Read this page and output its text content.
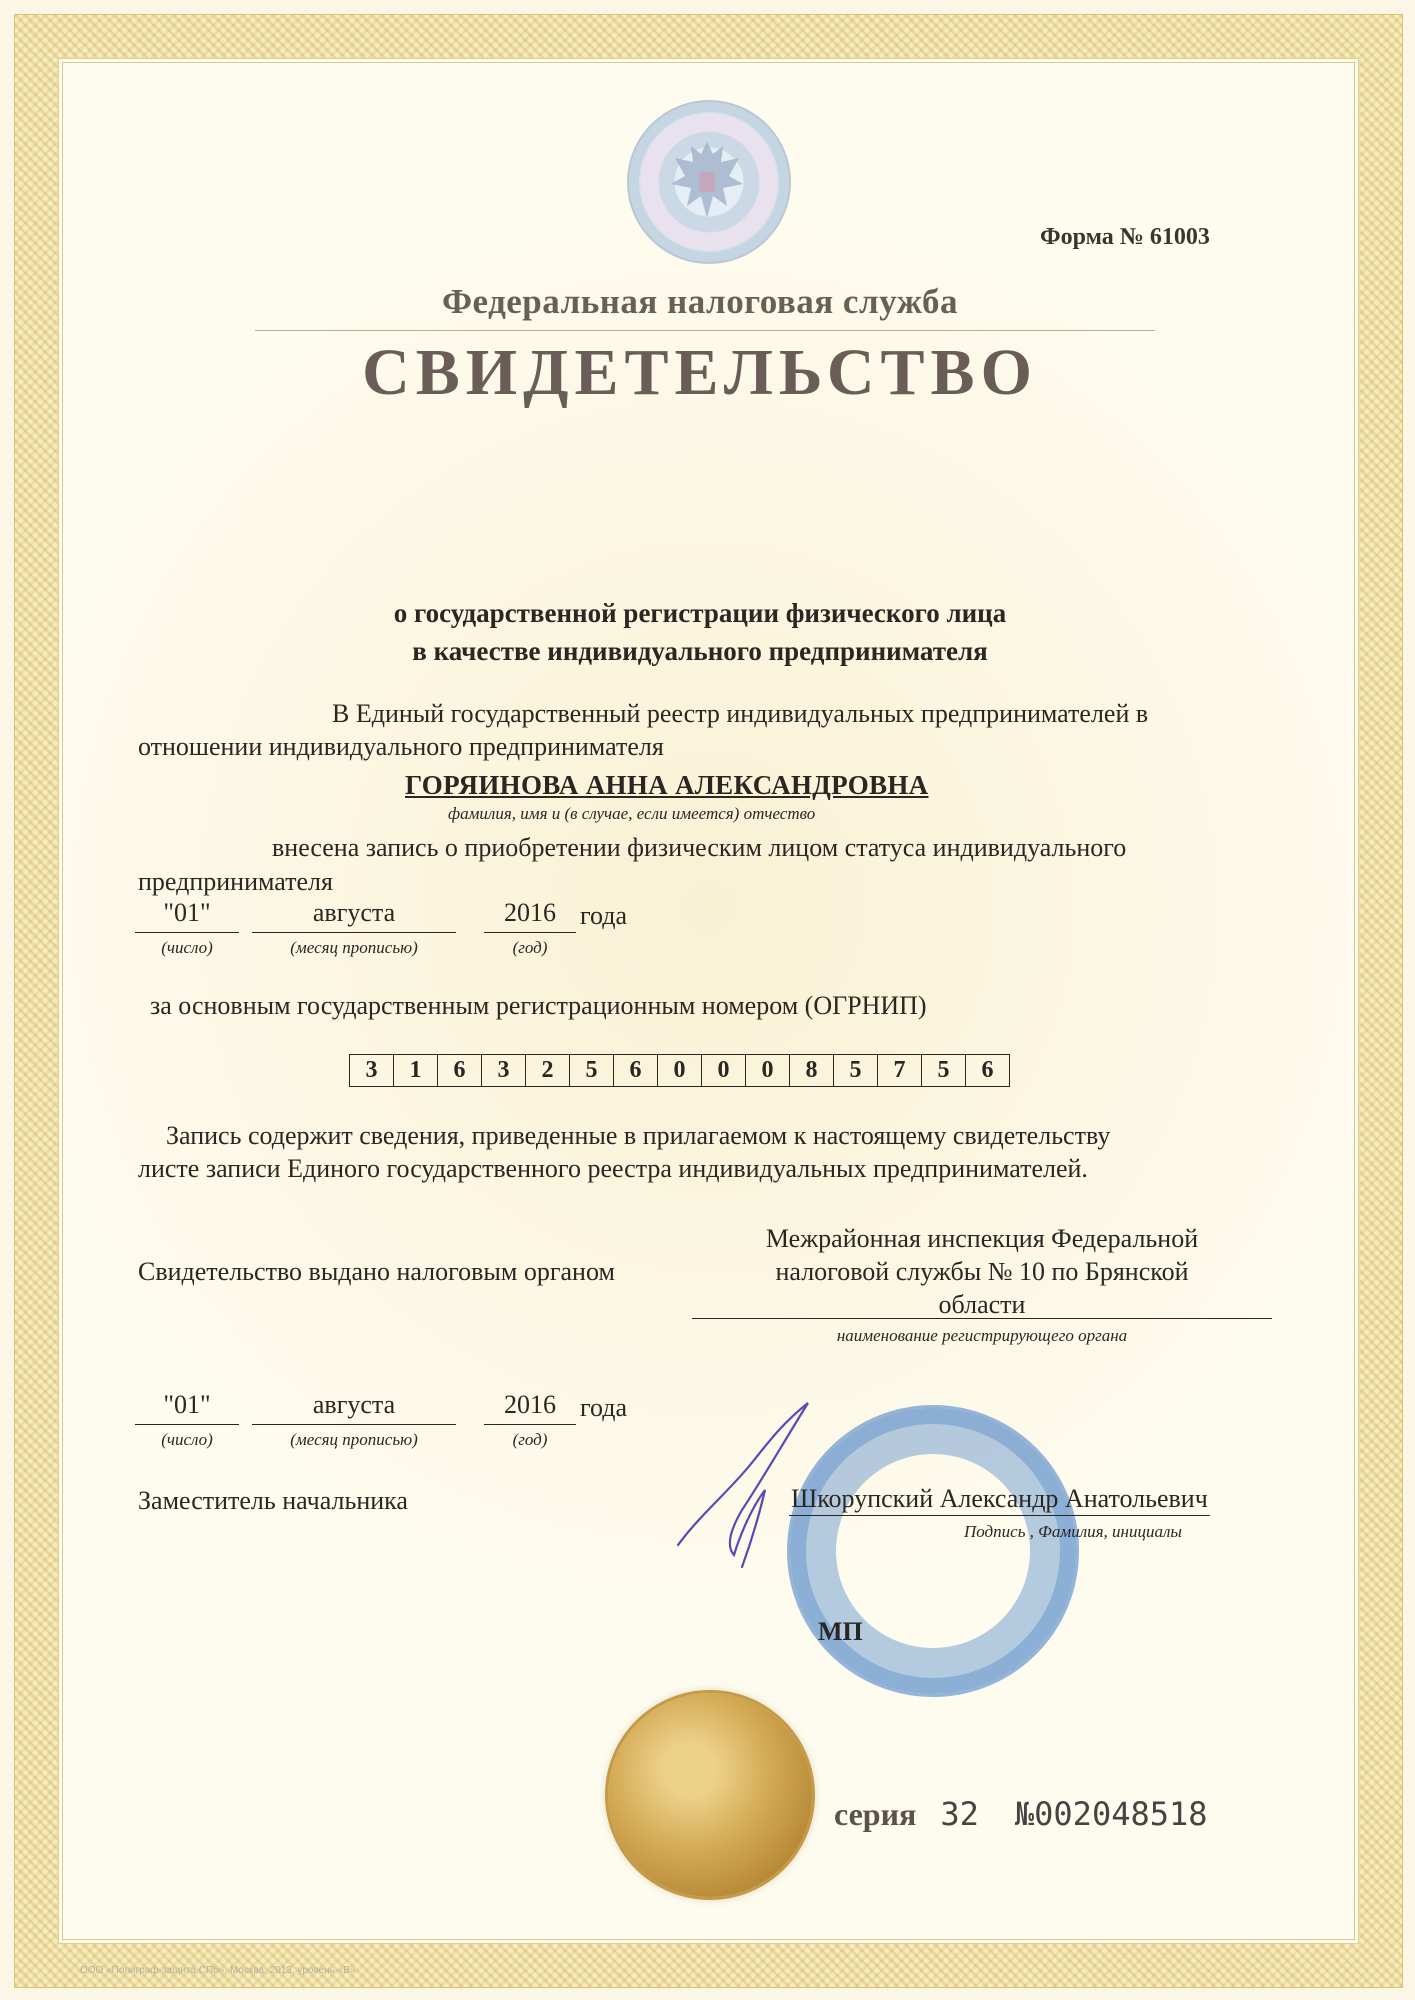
Форма № 61003
Федеральная налоговая служба
СВИДЕТЕЛЬСТВО
о государственной регистрации физического лица
в качестве индивидуального предпринимателя
В Единый государственный реестр индивидуальных предпринимателей в
отношении индивидуального предпринимателя
ГОРЯИНОВА АННА АЛЕКСАНДРОВНА
фамилия, имя и (в случае, если имеется) отчество
внесена запись о приобретении физическим лицом статуса индивидуального
предпринимателя
"01"	августа	2016 года
(число)	(месяц прописью)	(год)
за основным государственным регистрационным номером (ОГРНИП)
3	1	6	3	2	5	6	0	0	0	8	5	7	5	6
Запись содержит сведения, приведенные в прилагаемом к настоящему свидетельству
листе записи Единого государственного реестра индивидуальных предпринимателей.
Свидетельство выдано налоговым органом
Межрайонная инспекция Федеральной
налоговой службы № 10 по Брянской
области
наименование регистрирующего органа
"01"	августа	2016 года
(число)	(месяц прописью)	(год)
Заместитель начальника	Шкорупский Александр Анатольевич
Подпись , Фамилия, инициалы
МП
серия 32 №002048518
ООО «Полиграф-защита СПб», Москва, 2013, уровень «В»
